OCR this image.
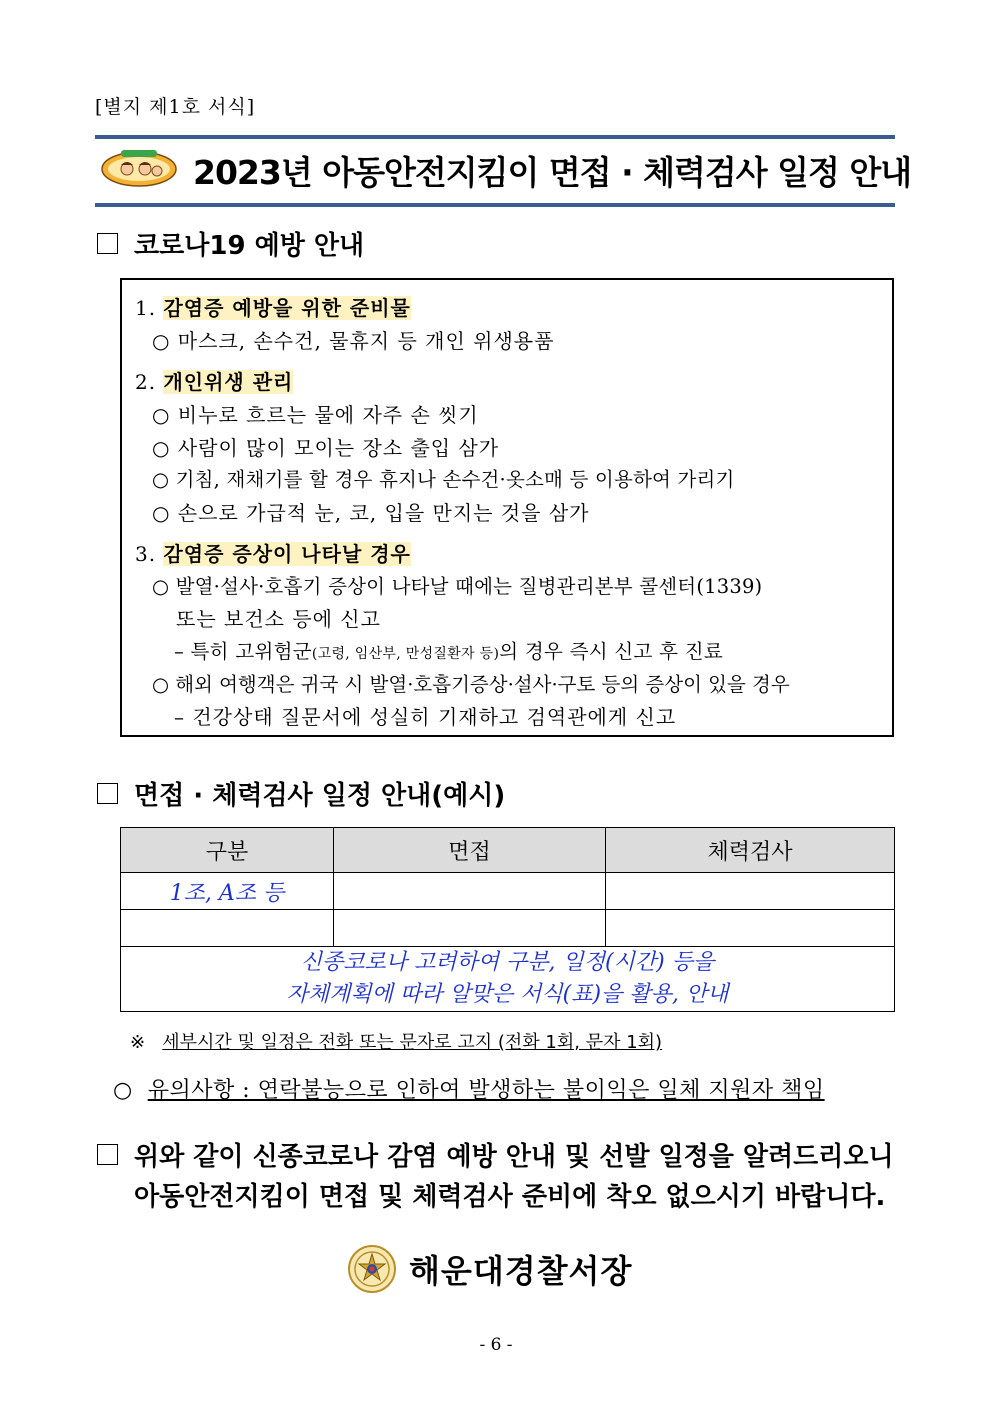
[별지 제1호 서식]
2023년 아동안전지킴이 면접 · 체력검사 일정 안내
코로나19 예방 안내
1. 감염증 예방을 위한 준비물
○ 마스크, 손수건, 물휴지 등 개인 위생용품
2. 개인위생 관리
○ 비누로 흐르는 물에 자주 손 씻기
○ 사람이 많이 모이는 장소 출입 삼가
○ 기침, 재채기를 할 경우 휴지나 손수건·옷소매 등 이용하여 가리기
○ 손으로 가급적 눈, 코, 입을 만지는 것을 삼가
3. 감염증 증상이 나타날 경우
○ 발열·설사·호흡기 증상이 나타날 때에는 질병관리본부 콜센터(1339)
또는 보건소 등에 신고
– 특히 고위험군(고령, 임산부, 만성질환자 등)의 경우 즉시 신고 후 진료
○ 해외 여행객은 귀국 시 발열·호흡기증상·설사·구토 등의 증상이 있을 경우
– 건강상태 질문서에 성실히 기재하고 검역관에게 신고
면접 · 체력검사 일정 안내(예시)
구분	면접	체력검사
1조, A조 등		

신종코로나 고려하여 구분, 일정(시간) 등을
자체계획에 따라 알맞은 서식(표)을 활용, 안내		
※ 세부시간 및 일정은 전화 또는 문자로 고지 (전화 1회, 문자 1회)
○ 유의사항 : 연락불능으로 인하여 발생하는 불이익은 일체 지원자 책임
위와 같이 신종코로나 감염 예방 안내 및 선발 일정을 알려드리오니
아동안전지킴이 면접 및 체력검사 준비에 착오 없으시기 바랍니다.
해운대경찰서장
- 6 -
